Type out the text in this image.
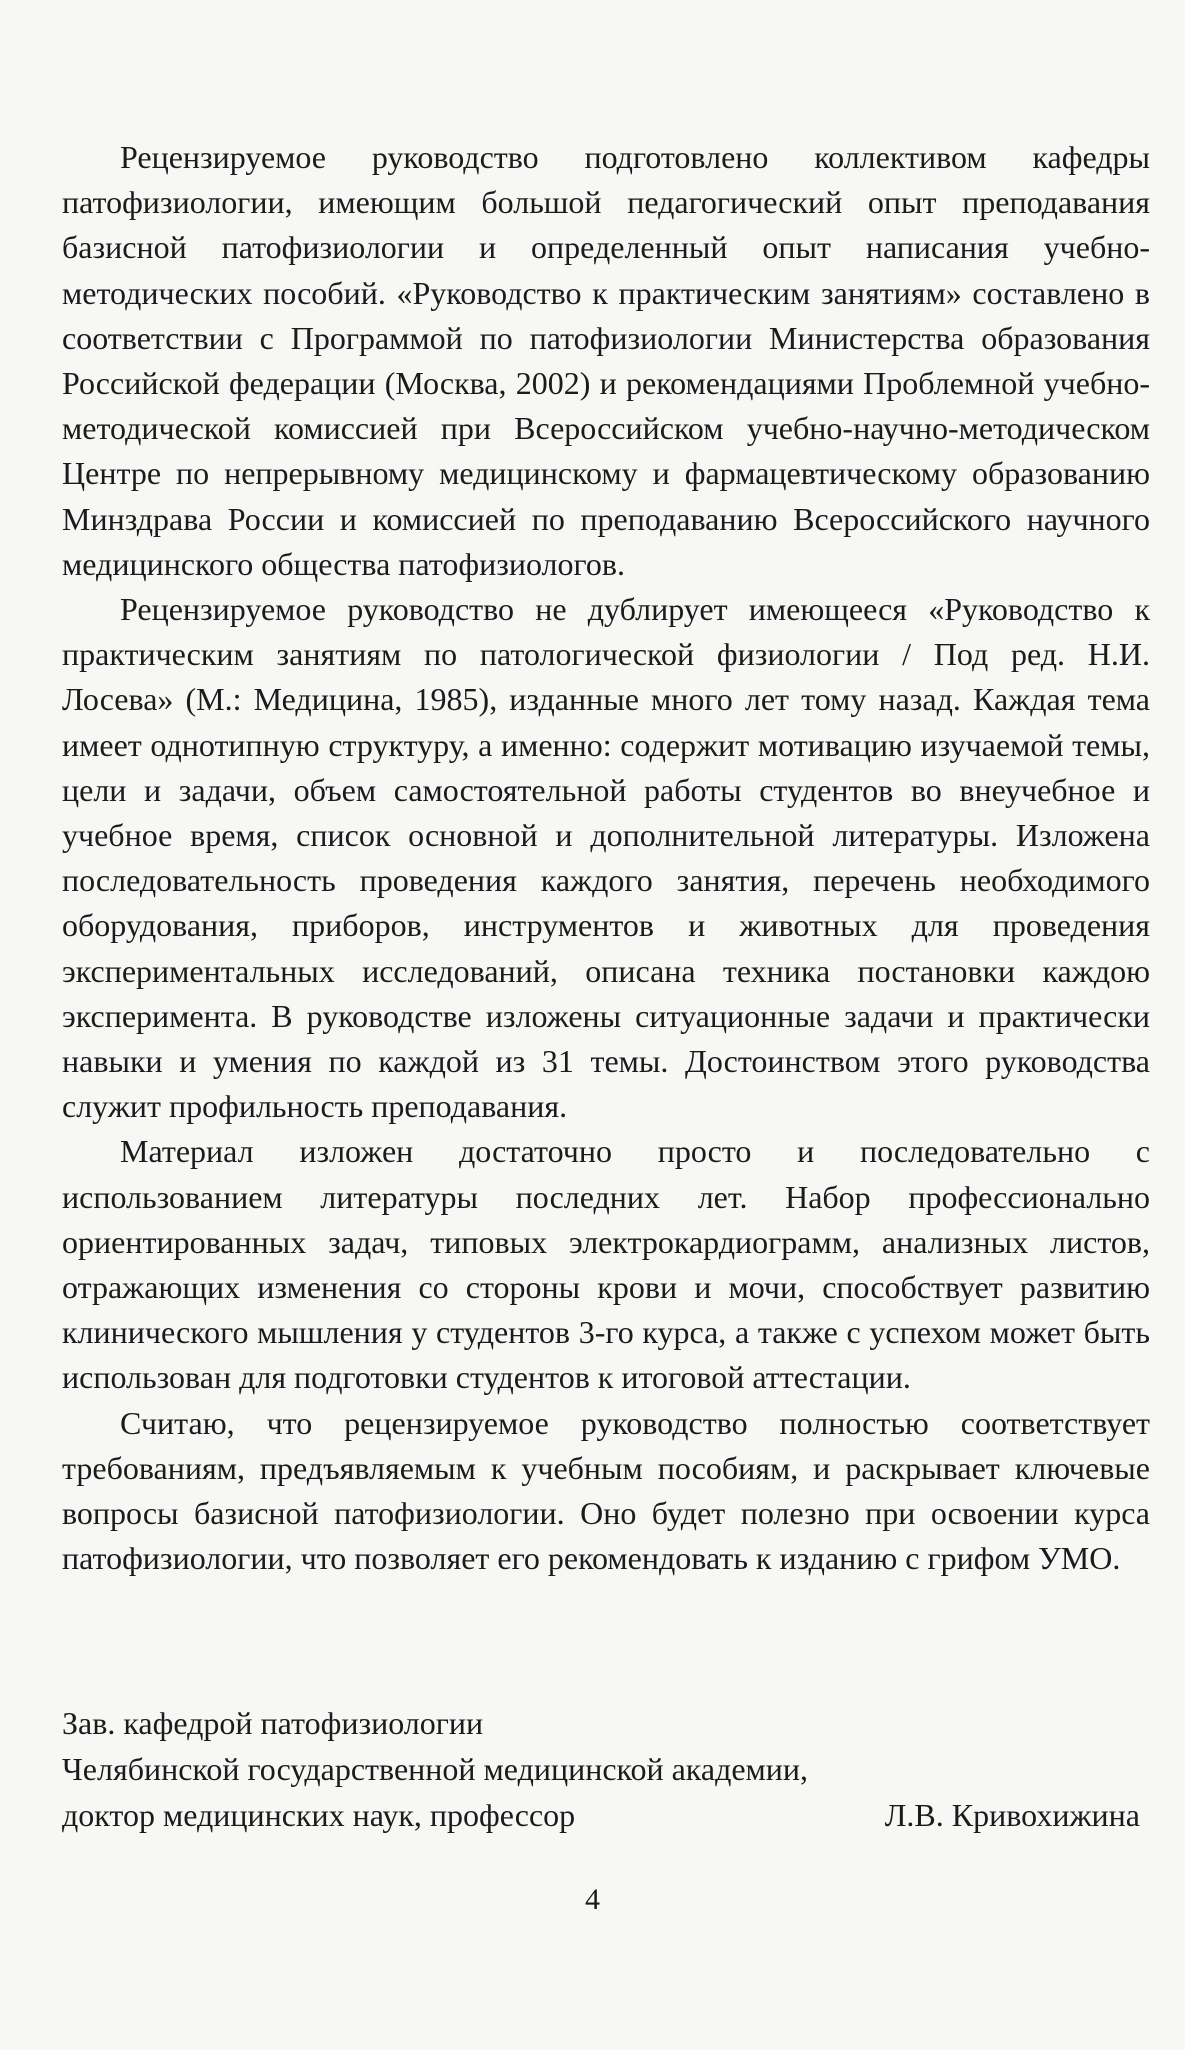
Рецензируемое руководство подготовлено коллективом кафедры патофизиологии, имеющим большой педагогический опыт преподавания базисной патофизиологии и определенный опыт написания учебно-методических пособий. «Руководство к практическим занятиям» составлено в соответствии с Программой по патофизиологии Министерства образования Российской федерации (Москва, 2002) и рекомендациями Проблемной учебно-методической комиссией при Всероссийском учебно-научно-методическом Центре по непрерывному медицинскому и фармацевтическому образованию Минздрава России и комиссией по преподаванию Всероссийского научного медицинского общества патофизиологов.

Рецензируемое руководство не дублирует имеющееся «Руководство к практическим занятиям по патологической физиологии / Под ред. Н.И. Лосева» (М.: Медицина, 1985), изданные много лет тому назад. Каждая тема имеет однотипную структуру, а именно: содержит мотивацию изучаемой темы, цели и задачи, объем самостоятельной работы студентов во внеучебное и учебное время, список основной и дополнительной литературы. Изложена последовательность проведения каждого занятия, перечень необходимого оборудования, приборов, инструментов и животных для проведения экспериментальных исследований, описана техника постановки каждою эксперимента. В руководстве изложены ситуационные задачи и практически навыки и умения по каждой из 31 темы. Достоинством этого руководства служит профильность преподавания.

Материал изложен достаточно просто и последовательно с использованием литературы последних лет. Набор профессионально ориентированных задач, типовых электрокардиограмм, анализных листов, отражающих изменения со стороны крови и мочи, способствует развитию клинического мышления у студентов 3-го курса, а также с успехом может быть использован для подготовки студентов к итоговой аттестации.

Считаю, что рецензируемое руководство полностью соответствует требованиям, предъявляемым к учебным пособиям, и раскрывает ключевые вопросы базисной патофизиологии. Оно будет полезно при освоении курса патофизиологии, что позволяет его рекомендовать к изданию с грифом УМО.

Зав. кафедрой патофизиологии
Челябинской государственной медицинской академии,
доктор медицинских наук, профессор	Л.В. Кривохижина
4
